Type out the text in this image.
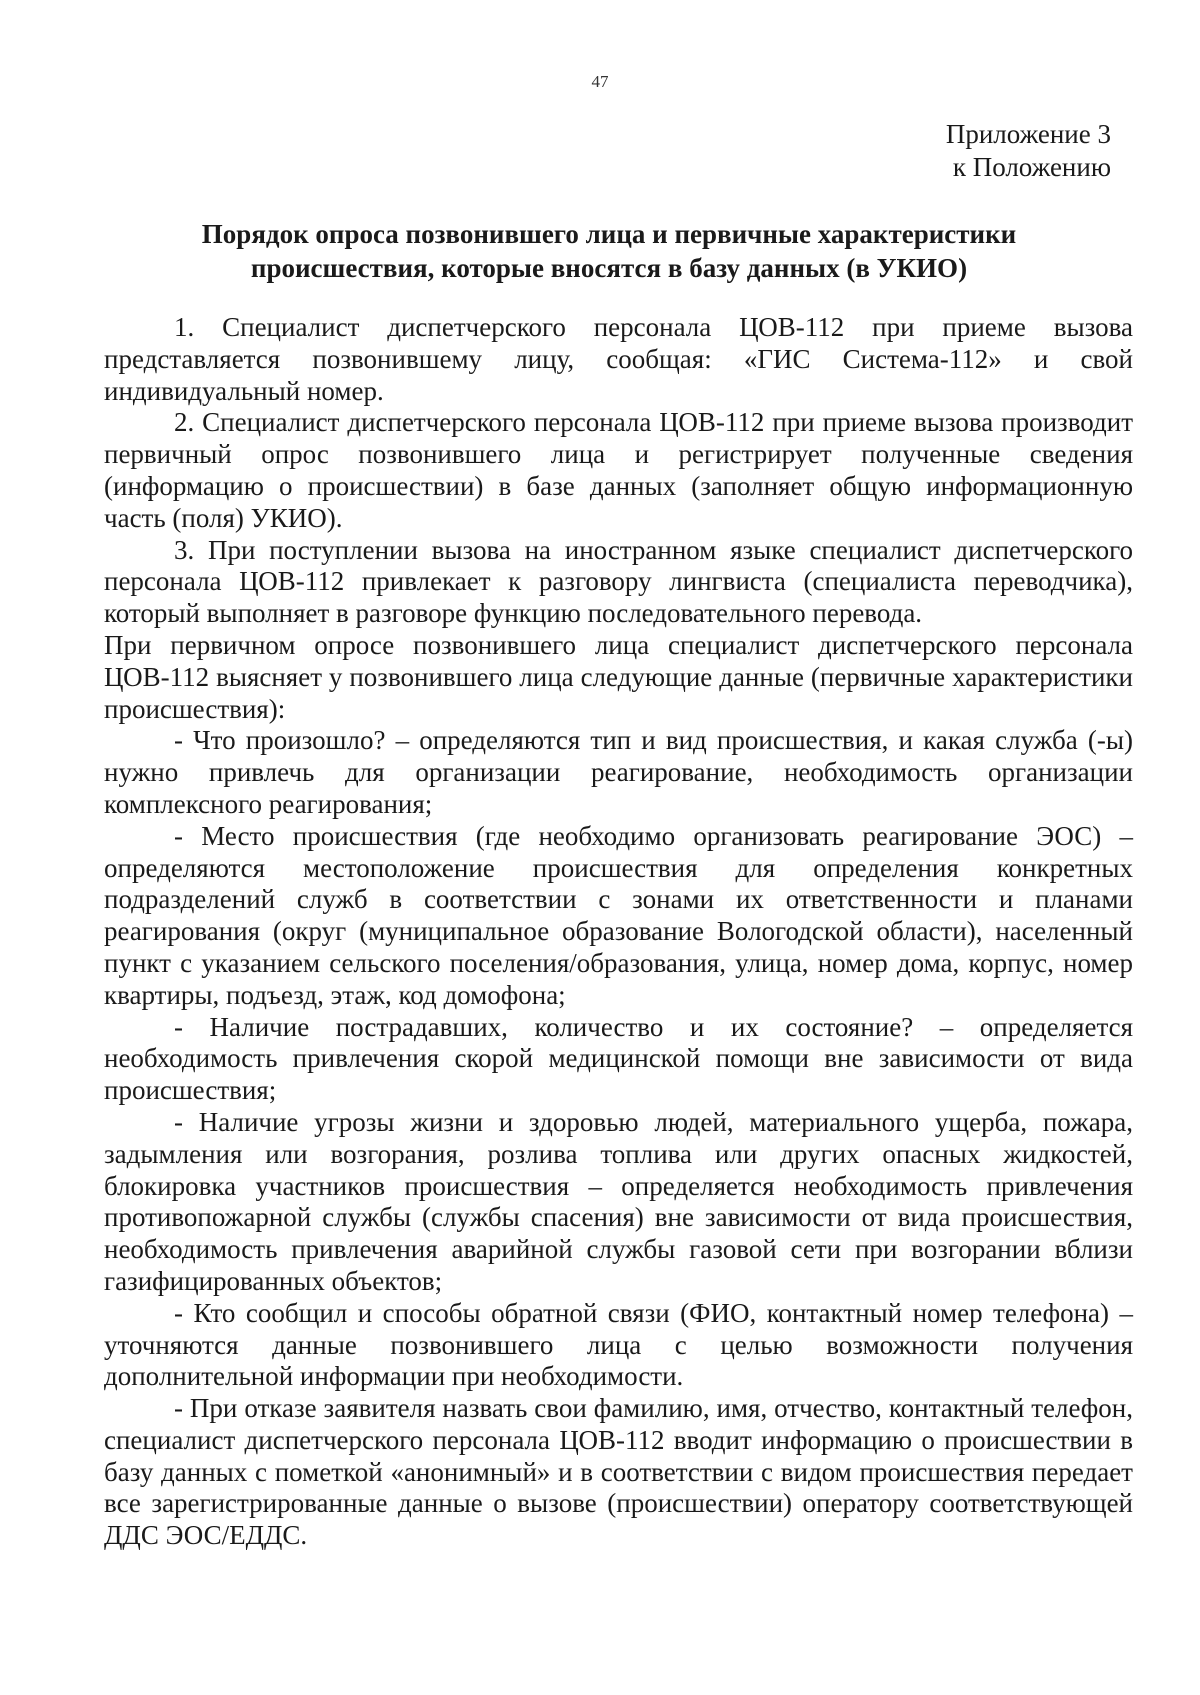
47
Приложение 3
к Положению
Порядок опроса позвонившего лица и первичные характеристики
происшествия, которые вносятся в базу данных (в УКИО)

1. Специалист диспетчерского персонала ЦОВ-112 при приеме вызова представляется позвонившему лицу, сообщая: «ГИС Система-112» и свой индивидуальный номер.

2. Специалист диспетчерского персонала ЦОВ-112 при приеме вызова производит первичный опрос позвонившего лица и регистрирует полученные сведения (информацию о происшествии) в базе данных (заполняет общую информационную часть (поля) УКИО).

3. При поступлении вызова на иностранном языке специалист диспетчерского персонала ЦОВ-112 привлекает к разговору лингвиста (специалиста переводчика), который выполняет в разговоре функцию последовательного перевода.

При первичном опросе позвонившего лица специалист диспетчерского персонала ЦОВ-112 выясняет у позвонившего лица следующие данные (первичные характеристики происшествия):

- Что произошло? – определяются тип и вид происшествия, и какая служба (-ы) нужно привлечь для организации реагирование, необходимость организации комплексного реагирования;

- Место происшествия (где необходимо организовать реагирование ЭОС) – определяются местоположение происшествия для определения конкретных подразделений служб в соответствии с зонами их ответственности и планами реагирования (округ (муниципальное образование Вологодской области), населенный пункт с указанием сельского поселения/образования, улица, номер дома, корпус, номер квартиры, подъезд, этаж, код домофона;

- Наличие пострадавших, количество и их состояние? – определяется необходимость привлечения скорой медицинской помощи вне зависимости от вида происшествия;

- Наличие угрозы жизни и здоровью людей, материального ущерба, пожара, задымления или возгорания, розлива топлива или других опасных жидкостей, блокировка участников происшествия – определяется необходимость привлечения противопожарной службы (службы спасения) вне зависимости от вида происшествия, необходимость привлечения аварийной службы газовой сети при возгорании вблизи газифицированных объектов;

- Кто сообщил и способы обратной связи (ФИО, контактный номер телефона) – уточняются данные позвонившего лица с целью возможности получения дополнительной информации при необходимости.

- При отказе заявителя назвать свои фамилию, имя, отчество, контактный телефон, специалист диспетчерского персонала ЦОВ-112 вводит информацию о происшествии в базу данных с пометкой «анонимный» и в соответствии с видом происшествия передает все зарегистрированные данные о вызове (происшествии) оператору соответствующей ДДС ЭОС/ЕДДС.
